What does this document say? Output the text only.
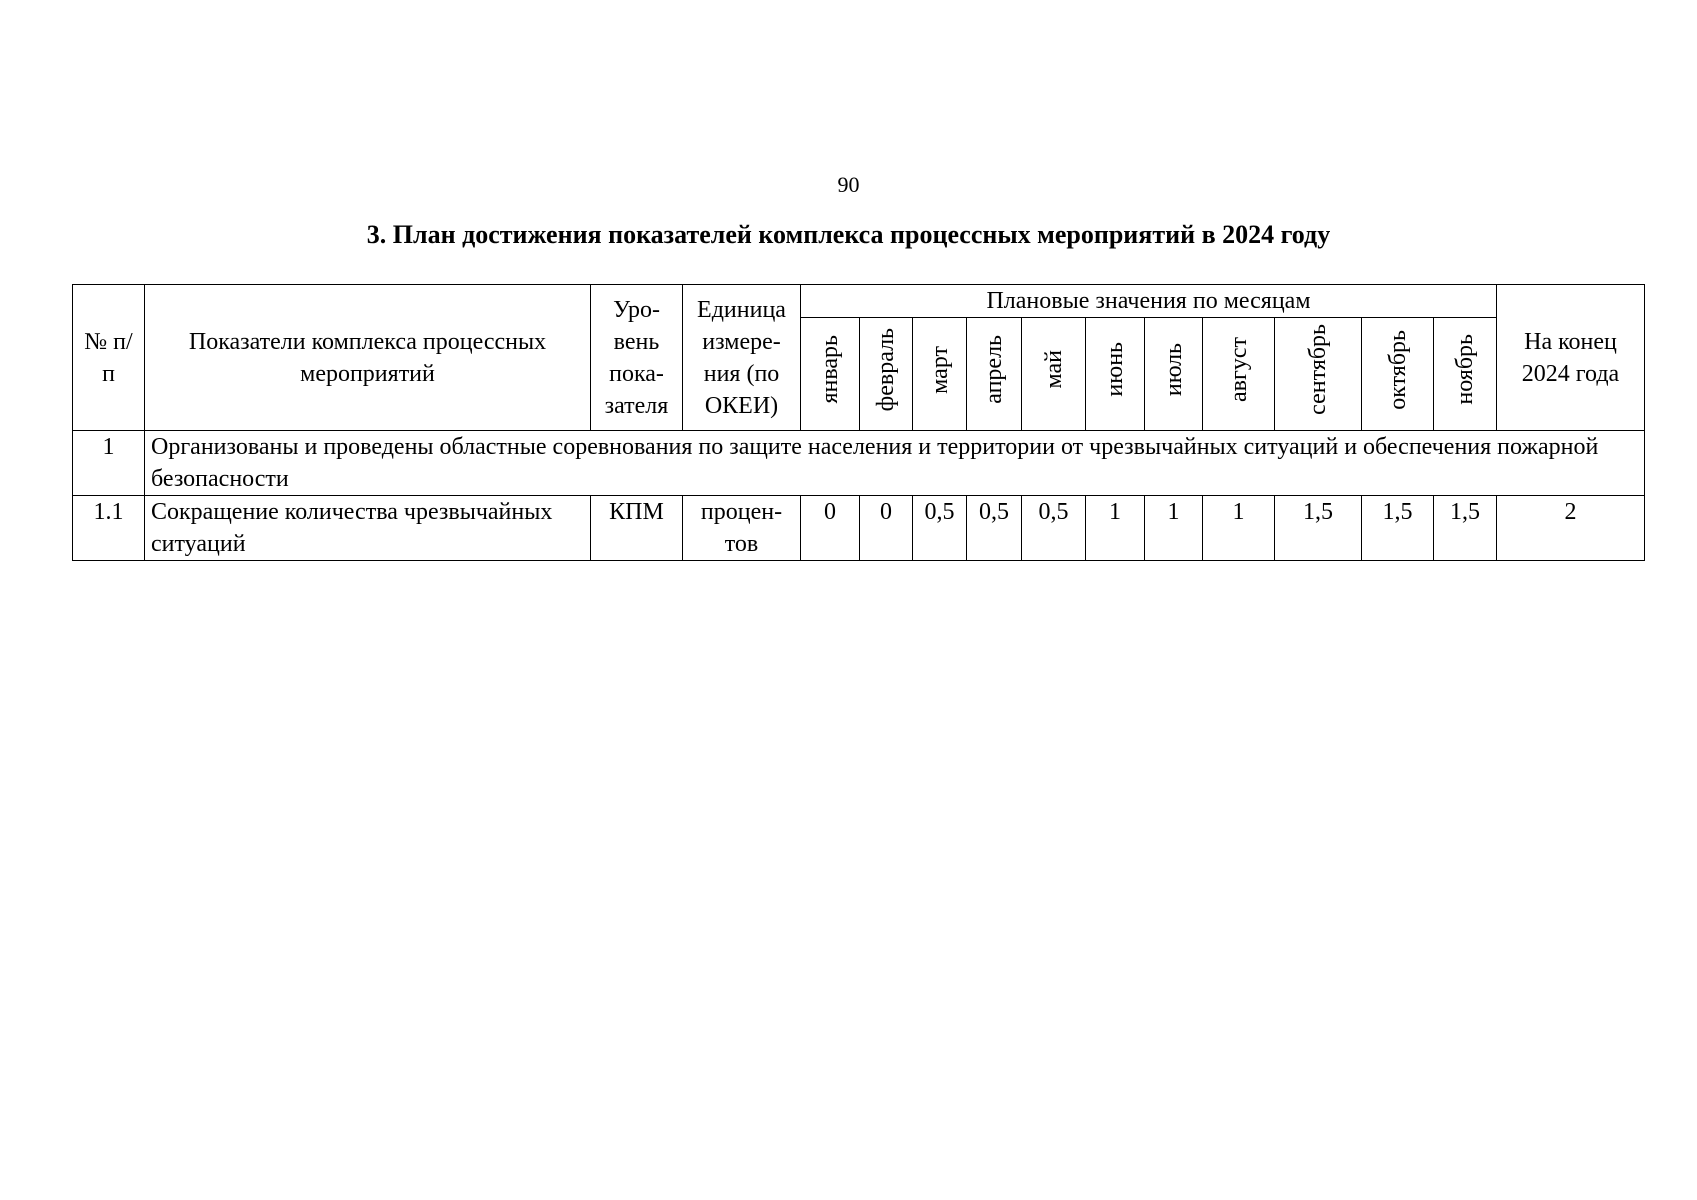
90
3. План достижения показателей комплекса процессных мероприятий в 2024 году
№ п/п	Показатели комплекса процессных мероприятий	Уро-вень пока-зателя	Единица измере-ния (по ОКЕИ)	Плановые значения по месяцам											На конец 2024 года
				январь	февраль	март	апрель	май	июнь	июль	август	сентябрь	октябрь	ноябрь	
1	Организованы и проведены областные соревнования по защите населения и территории от чрезвычайных ситуаций и обеспечения пожарной безопасности														
1.1	Сокращение количества чрезвычайных ситуаций	КПМ	процен-тов	0	0	0,5	0,5	0,5	1	1	1	1,5	1,5	1,5	2
